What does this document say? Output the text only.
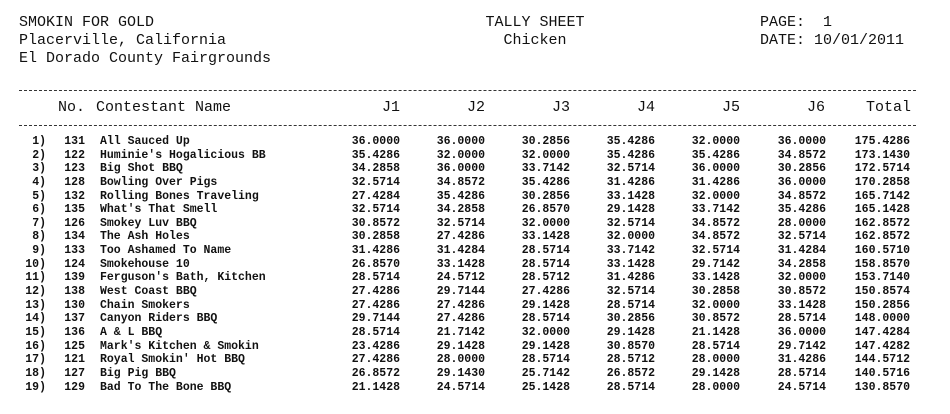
SMOKIN FOR GOLD
Placerville, California
El Dorado County Fairgrounds
TALLY SHEET
Chicken
PAGE:  1
DATE: 10/01/2011
No. Contestant Name	J1	J2	J3	J4	J5	J6	Total
1)	131 All Sauced Up	36.0000	36.0000	30.2856	35.4286	32.0000	36.0000	175.4286
2)	122 Huminie's Hogalicious BB	35.4286	32.0000	32.0000	35.4286	35.4286	34.8572	173.1430
3)	123 Big Shot BBQ	34.2858	36.0000	33.7142	32.5714	36.0000	30.2856	172.5714
4)	128 Bowling Over Pigs	32.5714	34.8572	35.4286	31.4286	31.4286	36.0000	170.2858
5)	132 Rolling Bones Traveling	27.4284	35.4286	30.2856	33.1428	32.0000	34.8572	165.7142
6)	135 What's That Smell	32.5714	34.2858	26.8570	29.1428	33.7142	35.4286	165.1428
7)	126 Smokey Luv BBQ	30.8572	32.5714	32.0000	32.5714	34.8572	28.0000	162.8572
8)	134 The Ash Holes	30.2858	27.4286	33.1428	32.0000	34.8572	32.5714	162.8572
9)	133 Too Ashamed To Name	31.4286	31.4284	28.5714	33.7142	32.5714	31.4284	160.5710
10)	124 Smokehouse 10	26.8570	33.1428	28.5714	33.1428	29.7142	34.2858	158.8570
11)	139 Ferguson's Bath, Kitchen	28.5714	24.5712	28.5712	31.4286	33.1428	32.0000	153.7140
12)	138 West Coast BBQ	27.4286	29.7144	27.4286	32.5714	30.2858	30.8572	150.8574
13)	130 Chain Smokers	27.4286	27.4286	29.1428	28.5714	32.0000	33.1428	150.2856
14)	137 Canyon Riders BBQ	29.7144	27.4286	28.5714	30.2856	30.8572	28.5714	148.0000
15)	136 A & L BBQ	28.5714	21.7142	32.0000	29.1428	21.1428	36.0000	147.4284
16)	125 Mark's Kitchen & Smokin	23.4286	29.1428	29.1428	30.8570	28.5714	29.7142	147.4282
17)	121 Royal Smokin' Hot BBQ	27.4286	28.0000	28.5714	28.5712	28.0000	31.4286	144.5712
18)	127 Big Pig BBQ	26.8572	29.1430	25.7142	26.8572	29.1428	28.5714	140.5716
19)	129 Bad To The Bone BBQ	21.1428	24.5714	25.1428	28.5714	28.0000	24.5714	130.8570
